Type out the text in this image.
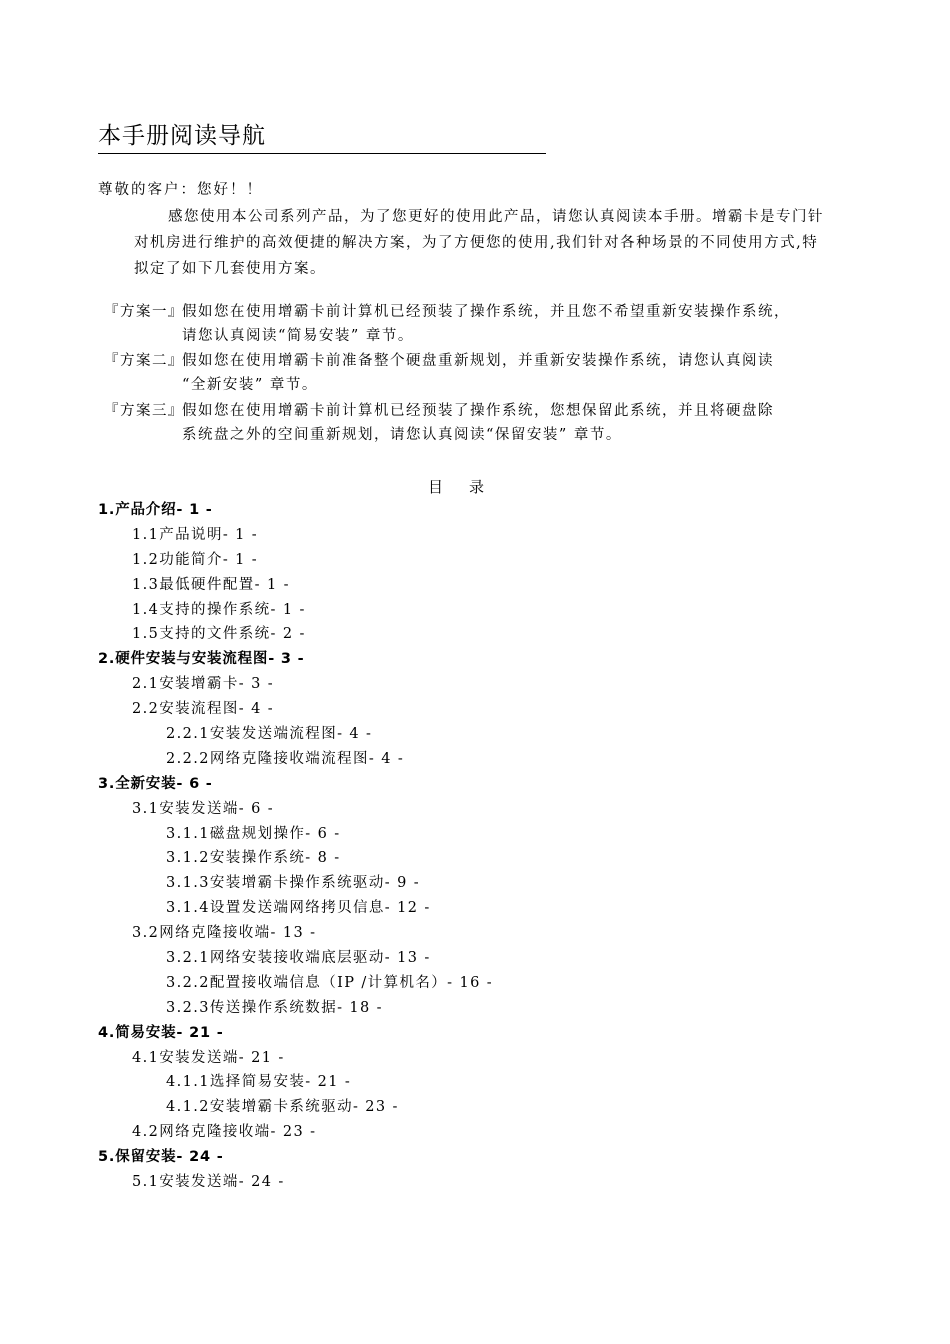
本手册阅读导航
尊敬的客户：您好！！

感您使用本公司系列产品，为了您更好的使用此产品，请您认真阅读本手册。增霸卡是专门针对机房进行维护的高效便捷的解决方案，为了方便您的使用,我们针对各种场景的不同使用方式,特拟定了如下几套使用方案。

『方案一』

假如您在使用增霸卡前计算机已经预装了操作系统，并且您不希望重新安装操作系统，
请您认真阅读“简易安装” 章节。

『方案二』

假如您在使用增霸卡前准备整个硬盘重新规划，并重新安装操作系统，请您认真阅读
“全新安装” 章节。

『方案三』

假如您在使用增霸卡前计算机已经预装了操作系统，您想保留此系统，并且将硬盘除
系统盘之外的空间重新规划，请您认真阅读“保留安装” 章节。

目录
1.产品介绍- 1 -
1.1产品说明- 1 -
1.2功能简介- 1 -
1.3最低硬件配置- 1 -
1.4支持的操作系统- 1 -
1.5支持的文件系统- 2 -
2.硬件安装与安装流程图- 3 -
2.1安装增霸卡- 3 -
2.2安装流程图- 4 -
2.2.1安装发送端流程图- 4 -
2.2.2网络克隆接收端流程图- 4 -
3.全新安装- 6 -
3.1安装发送端- 6 -
3.1.1磁盘规划操作- 6 -
3.1.2安装操作系统- 8 -
3.1.3安装增霸卡操作系统驱动- 9 -
3.1.4设置发送端网络拷贝信息- 12 -
3.2网络克隆接收端- 13 -
3.2.1网络安装接收端底层驱动- 13 -
3.2.2配置接收端信息（IP /计算机名）- 16 -
3.2.3传送操作系统数据- 18 -
4.简易安装- 21 -
4.1安装发送端- 21 -
4.1.1选择简易安装- 21 -
4.1.2安装增霸卡系统驱动- 23 -
4.2网络克隆接收端- 23 -
5.保留安装- 24 -
5.1安装发送端- 24 -
